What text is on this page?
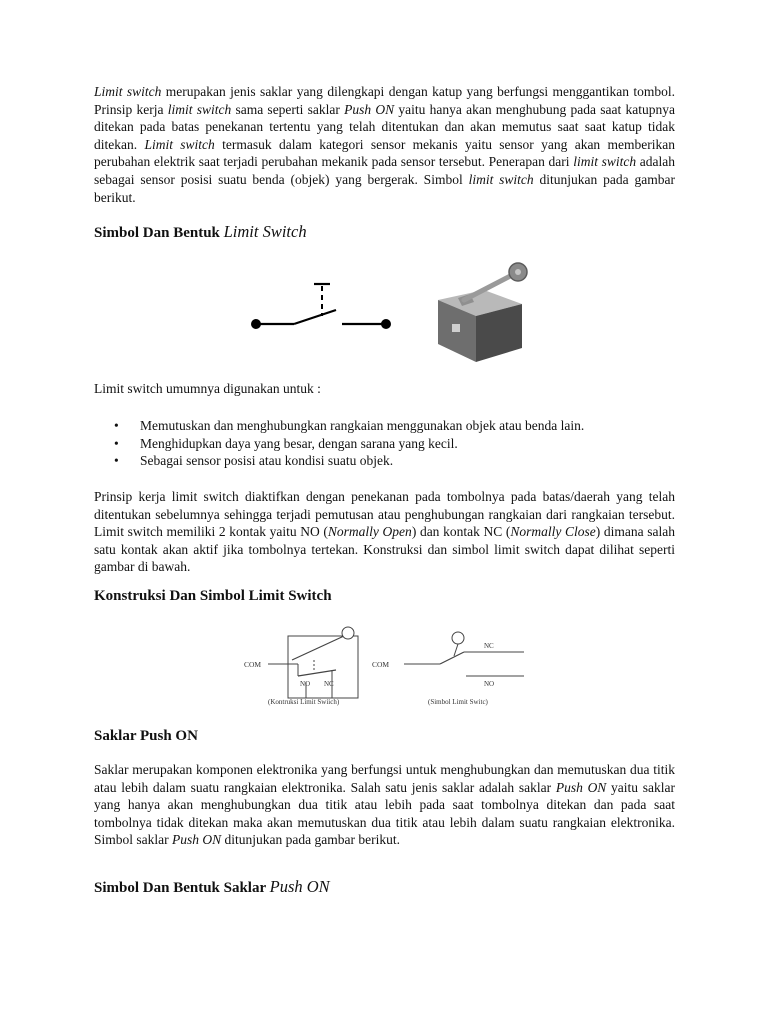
Limit switch merupakan jenis saklar yang dilengkapi dengan katup yang berfungsi menggantikan tombol. Prinsip kerja limit switch sama seperti saklar Push ON yaitu hanya akan menghubung pada saat katupnya ditekan pada batas penekanan tertentu yang telah ditentukan dan akan memutus saat saat katup tidak ditekan. Limit switch termasuk dalam kategori sensor mekanis yaitu sensor yang akan memberikan perubahan elektrik saat terjadi perubahan mekanik pada sensor tersebut. Penerapan dari limit switch adalah sebagai sensor posisi suatu benda (objek) yang bergerak. Simbol limit switch ditunjukan pada gambar berikut.

Simbol Dan Bentuk Limit Switch

Limit switch umumnya digunakan untuk :

• Memutuskan dan menghubungkan rangkaian menggunakan objek atau benda lain.
• Menghidupkan daya yang besar, dengan sarana yang kecil.
• Sebagai sensor posisi atau kondisi suatu objek.

Prinsip kerja limit switch diaktifkan dengan penekanan pada tombolnya pada batas/daerah yang telah ditentukan sebelumnya sehingga terjadi pemutusan atau penghubungan rangkaian dari rangkaian tersebut. Limit switch memiliki 2 kontak yaitu NO (Normally Open) dan kontak NC (Normally Close) dimana salah satu kontak akan aktif jika tombolnya tertekan. Konstruksi dan simbol limit switch dapat dilihat seperti gambar di bawah.

Konstruksi Dan Simbol Limit Switch
COM
NO NC
(Kontruksi Limit Swiich)
COM
NC
NO
(Simbol Limit Switc)
Saklar Push ON

Saklar merupakan komponen elektronika yang berfungsi untuk menghubungkan dan memutuskan dua titik atau lebih dalam suatu rangkaian elektronika. Salah satu jenis saklar adalah saklar Push ON yaitu saklar yang hanya akan menghubungkan dua titik atau lebih pada saat tombolnya ditekan dan pada saat tombolnya tidak ditekan maka akan memutuskan dua titik atau lebih dalam suatu rangkaian elektronika. Simbol saklar Push ON ditunjukan pada gambar berikut.

Simbol Dan Bentuk Saklar Push ON
